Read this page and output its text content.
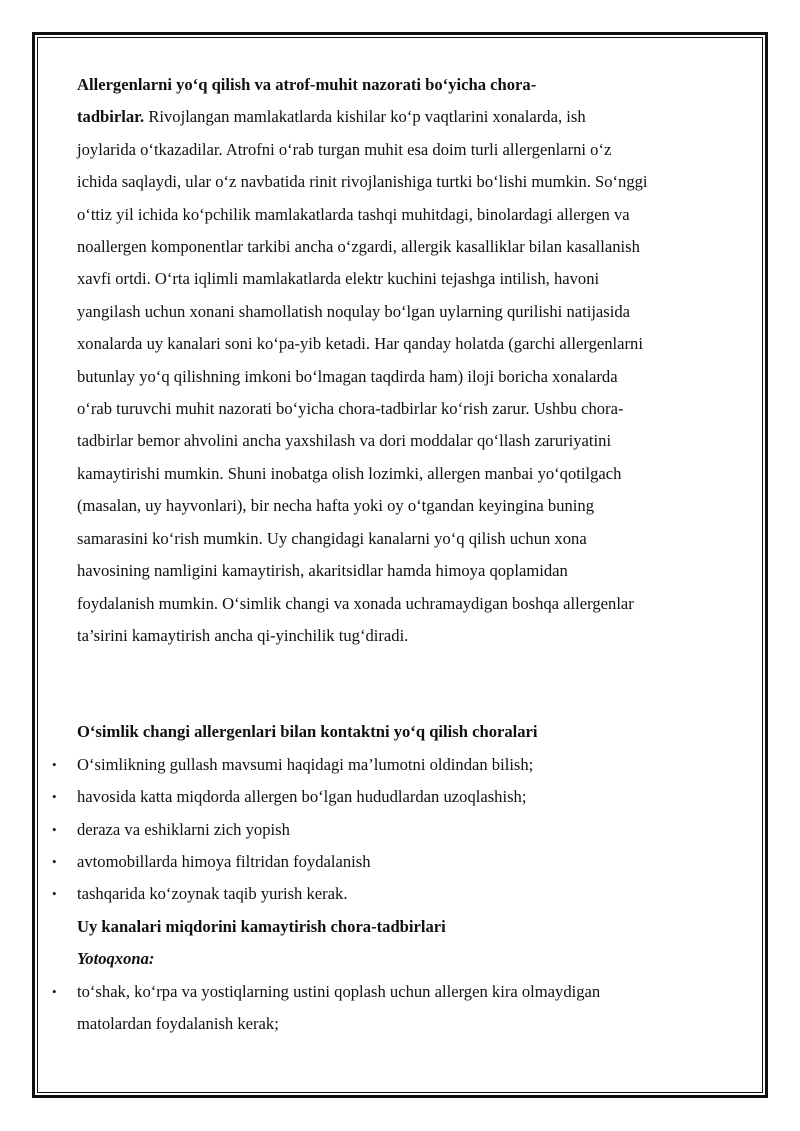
Allergenlarni yo‘q qilish va atrof-muhit nazorati bo‘yicha chora-
tadbirlar. Rivojlangan mamlakatlarda kishilar ko‘p vaqtlarini xonalarda, ish
joylarida o‘tkazadilar. Atrofni o‘rab turgan muhit esa doim turli allergenlarni o‘z
ichida saqlaydi, ular o‘z navbatida rinit rivojlanishiga turtki bo‘lishi mumkin. So‘nggi
o‘ttiz yil ichida ko‘pchilik mamlakatlarda tashqi muhitdagi, binolardagi allergen va
noallergen komponentlar tarkibi ancha o‘zgardi, allergik kasalliklar bilan kasallanish
xavfi ortdi. O‘rta iqlimli mamlakatlarda elektr kuchini tejashga intilish, havoni
yangilash uchun xonani shamollatish noqulay bo‘lgan uylarning qurilishi natijasida
xonalarda uy kanalari soni ko‘pa-yib ketadi. Har qanday holatda (garchi allergenlarni
butunlay yo‘q qilishning imkoni bo‘lmagan taqdirda ham) iloji boricha xonalarda
o‘rab turuvchi muhit nazorati bo‘yicha chora-tadbirlar ko‘rish zarur. Ushbu chora-
tadbirlar bemor ahvolini ancha yaxshilash va dori moddalar qo‘llash zaruriyatini
kamaytirishi mumkin. Shuni inobatga olish lozimki, allergen manbai yo‘qotilgach
(masalan, uy hayvonlari), bir necha hafta yoki oy o‘tgandan keyingina buning
samarasini ko‘rish mumkin. Uy changidagi kanalarni yo‘q qilish uchun xona
havosining namligini kamaytirish, akaritsidlar hamda himoya qoplamidan
foydalanish mumkin. O‘simlik changi va xonada uchramaydigan boshqa allergenlar
ta’sirini kamaytirish ancha qi-yinchilik tug‘diradi.

O‘simlik changi allergenlari bilan kontaktni yo‘q qilish choralari

• O‘simlikning gullash mavsumi haqidagi ma’lumotni oldindan bilish;
• havosida katta miqdorda allergen bo‘lgan hududlardan uzoqlashish;
• deraza va eshiklarni zich yopish
• avtomobillarda himoya filtridan foydalanish
• tashqarida ko‘zoynak taqib yurish kerak.

Uy kanalari miqdorini kamaytirish chora-tadbirlari

Yotoqxona:

• to‘shak, ko‘rpa va yostiqlarning ustini qoplash uchun allergen kira olmaydigan
matolardan foydalanish kerak;
